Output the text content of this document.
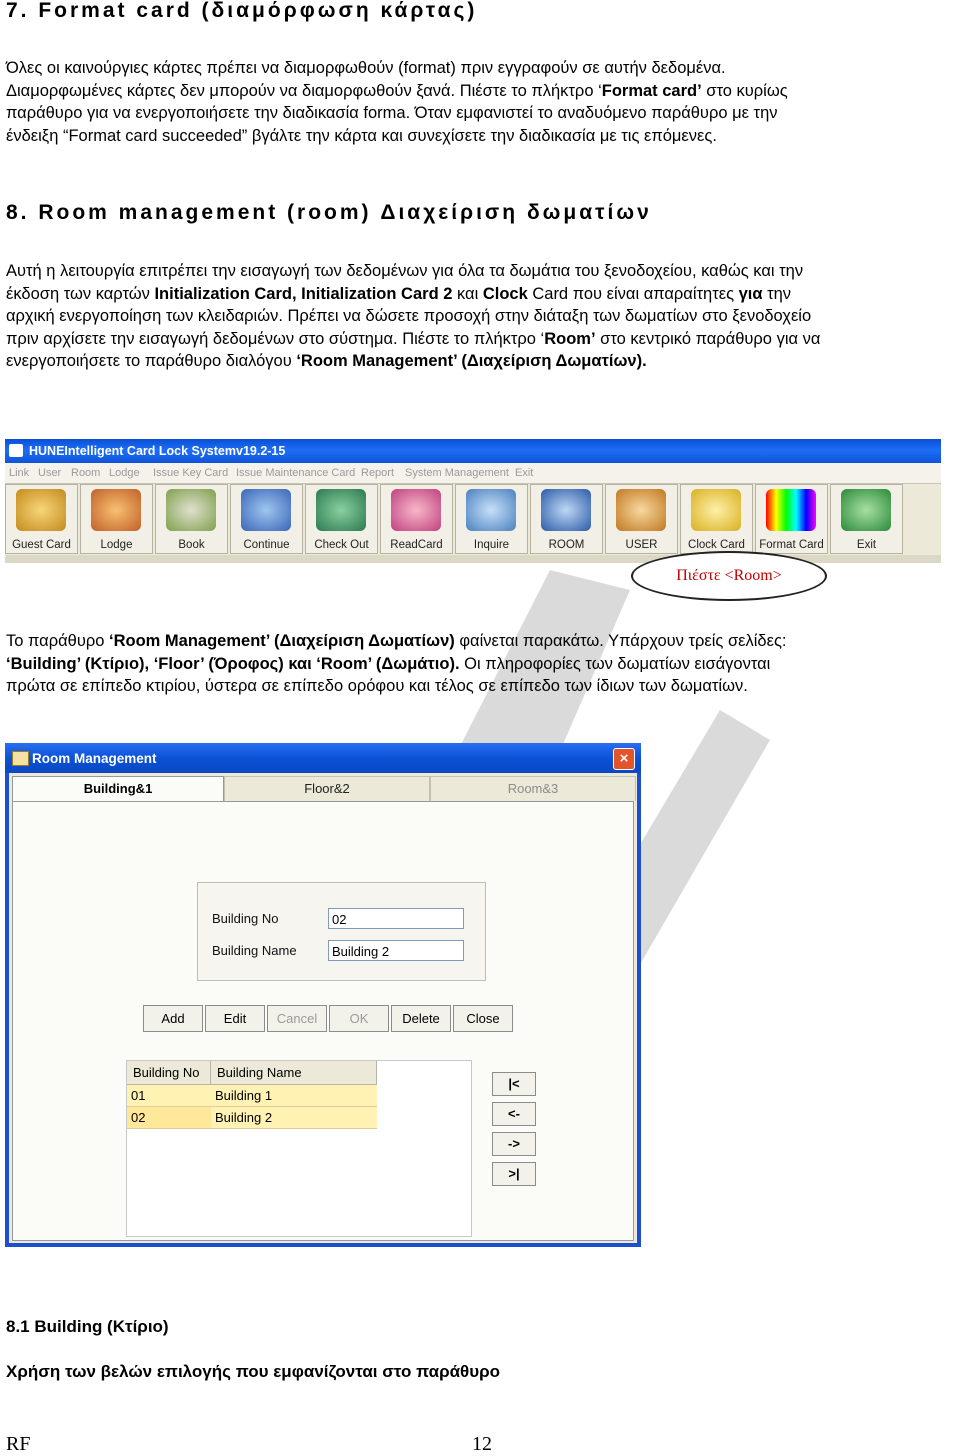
7. Format card (διαμόρφωση κάρτας)
Όλες οι καινούργιες κάρτες πρέπει να διαμορφωθούν (format) πριν εγγραφούν σε αυτήν δεδομένα.
Διαμορφωμένες κάρτες δεν μπορούν να διαμορφωθούν ξανά. Πιέστε το πλήκτρο ‘Format card’ στο κυρίως
παράθυρο για να ενεργοποιήσετε την διαδικασία forma. Όταν εμφανιστεί το αναδυόμενο παράθυρο με την
ένδειξη “Format card succeeded” βγάλτε την κάρτα και συνεχίσετε την διαδικασία με τις επόμενες.
8. Room management (room) Διαχείριση δωματίων
Αυτή η λειτουργία επιτρέπει την εισαγωγή των δεδομένων για όλα τα δωμάτια του ξενοδοχείου, καθώς και την
έκδοση των καρτών Initialization Card, Initialization Card 2 και Clock Card που είναι απαραίτητες για την
αρχική ενεργοποίηση των κλειδαριών. Πρέπει να δώσετε προσοχή στην διάταξη των δωματίων στο ξενοδοχείο
πριν αρχίσετε την εισαγωγή δεδομένων στο σύστημα. Πιέστε το πλήκτρο ‘Room’ στο κεντρικό παράθυρο για να
ενεργοποιήσετε το παράθυρο διαλόγου ‘Room Management’ (Διαχείριση Δωματίων).
HUNEIntelligent Card Lock Systemv19.2-15
Link User Room Lodge Issue Key Card Issue Maintenance Card Report System Management Exit
Guest Card	Lodge	Book	Continue	Check Out	ReadCard	Inquire	ROOM	USER	Clock Card	Format Card	Exit
Πιέστε <Room>
Το παράθυρο ‘Room Management’ (Διαχείριση Δωματίων) φαίνεται παρακάτω. Υπάρχουν τρείς σελίδες:
‘Building’ (Κτίριο), ‘Floor’ (Όροφος) και ‘Room’ (Δωμάτιο). Οι πληροφορίες των δωματίων εισάγονται
πρώτα σε επίπεδο κτιρίου, ύστερα σε επίπεδο ορόφου και τέλος σε επίπεδο των ίδιων των δωματίων.
Room Management	×
Building&1	Floor&2	Room&3
Building No	02
Building Name	Building 2
Add	Edit	Cancel	OK	Delete	Close
Building No	Building Name
01	Building 1
02	Building 2
|<
<-
->
>|
8.1 Building (Κτίριο)
Χρήση των βελών επιλογής που εμφανίζονται στο παράθυρο
RF	12
